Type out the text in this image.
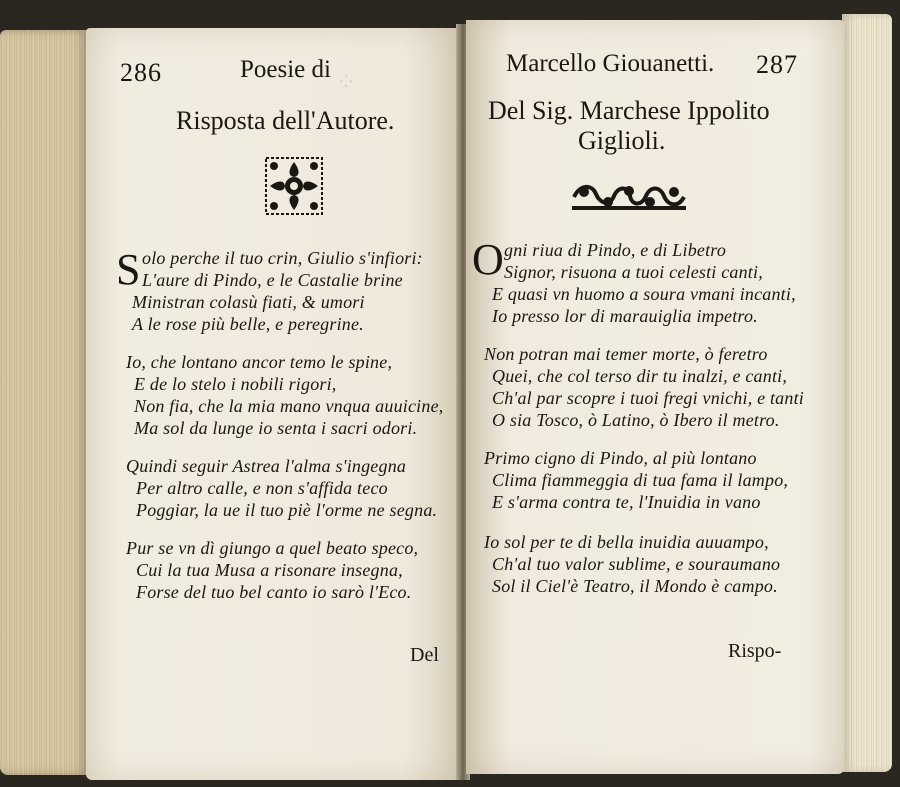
⁘
286	Poesie di
Risposta dell'Autore.
S olo perche il tuo crin, Giulio s'infiori:
L'aure di Pindo, e le Castalie brine
Ministran colasù fiati, & umori
A le rose più belle, e peregrine.
Io, che lontano ancor temo le spine,
E de lo stelo i nobili rigori,
Non fia, che la mia mano vnqua auuicine,
Ma sol da lunge io senta i sacri odori.
Quindi seguir Astrea l'alma s'ingegna
Per altro calle, e non s'affida teco
Poggiar, la ue il tuo piè l'orme ne segna.
Pur se vn dì giungo a quel beato speco,
Cui la tua Musa a risonare insegna,
Forse del tuo bel canto io sarò l'Eco.
Del
Marcello Giouanetti. 287
Del Sig. Marchese Ippolito
Giglioli.
O gni riua di Pindo, e di Libetro
Signor, risuona a tuoi celesti canti,
E quasi vn huomo a soura vmani incanti,
Io presso lor di marauiglia impetro.
Non potran mai temer morte, ò feretro
Quei, che col terso dir tu inalzi, e canti,
Ch'al par scopre i tuoi fregi vnichi, e tanti
O sia Tosco, ò Latino, ò Ibero il metro.
Primo cigno di Pindo, al più lontano
Clima fiammeggia di tua fama il lampo,
E s'arma contra te, l'Inuidia in vano
Io sol per te di bella inuidia auuampo,
Ch'al tuo valor sublime, e souraumano
Sol il Ciel'è Teatro, il Mondo è campo.
Rispo-
